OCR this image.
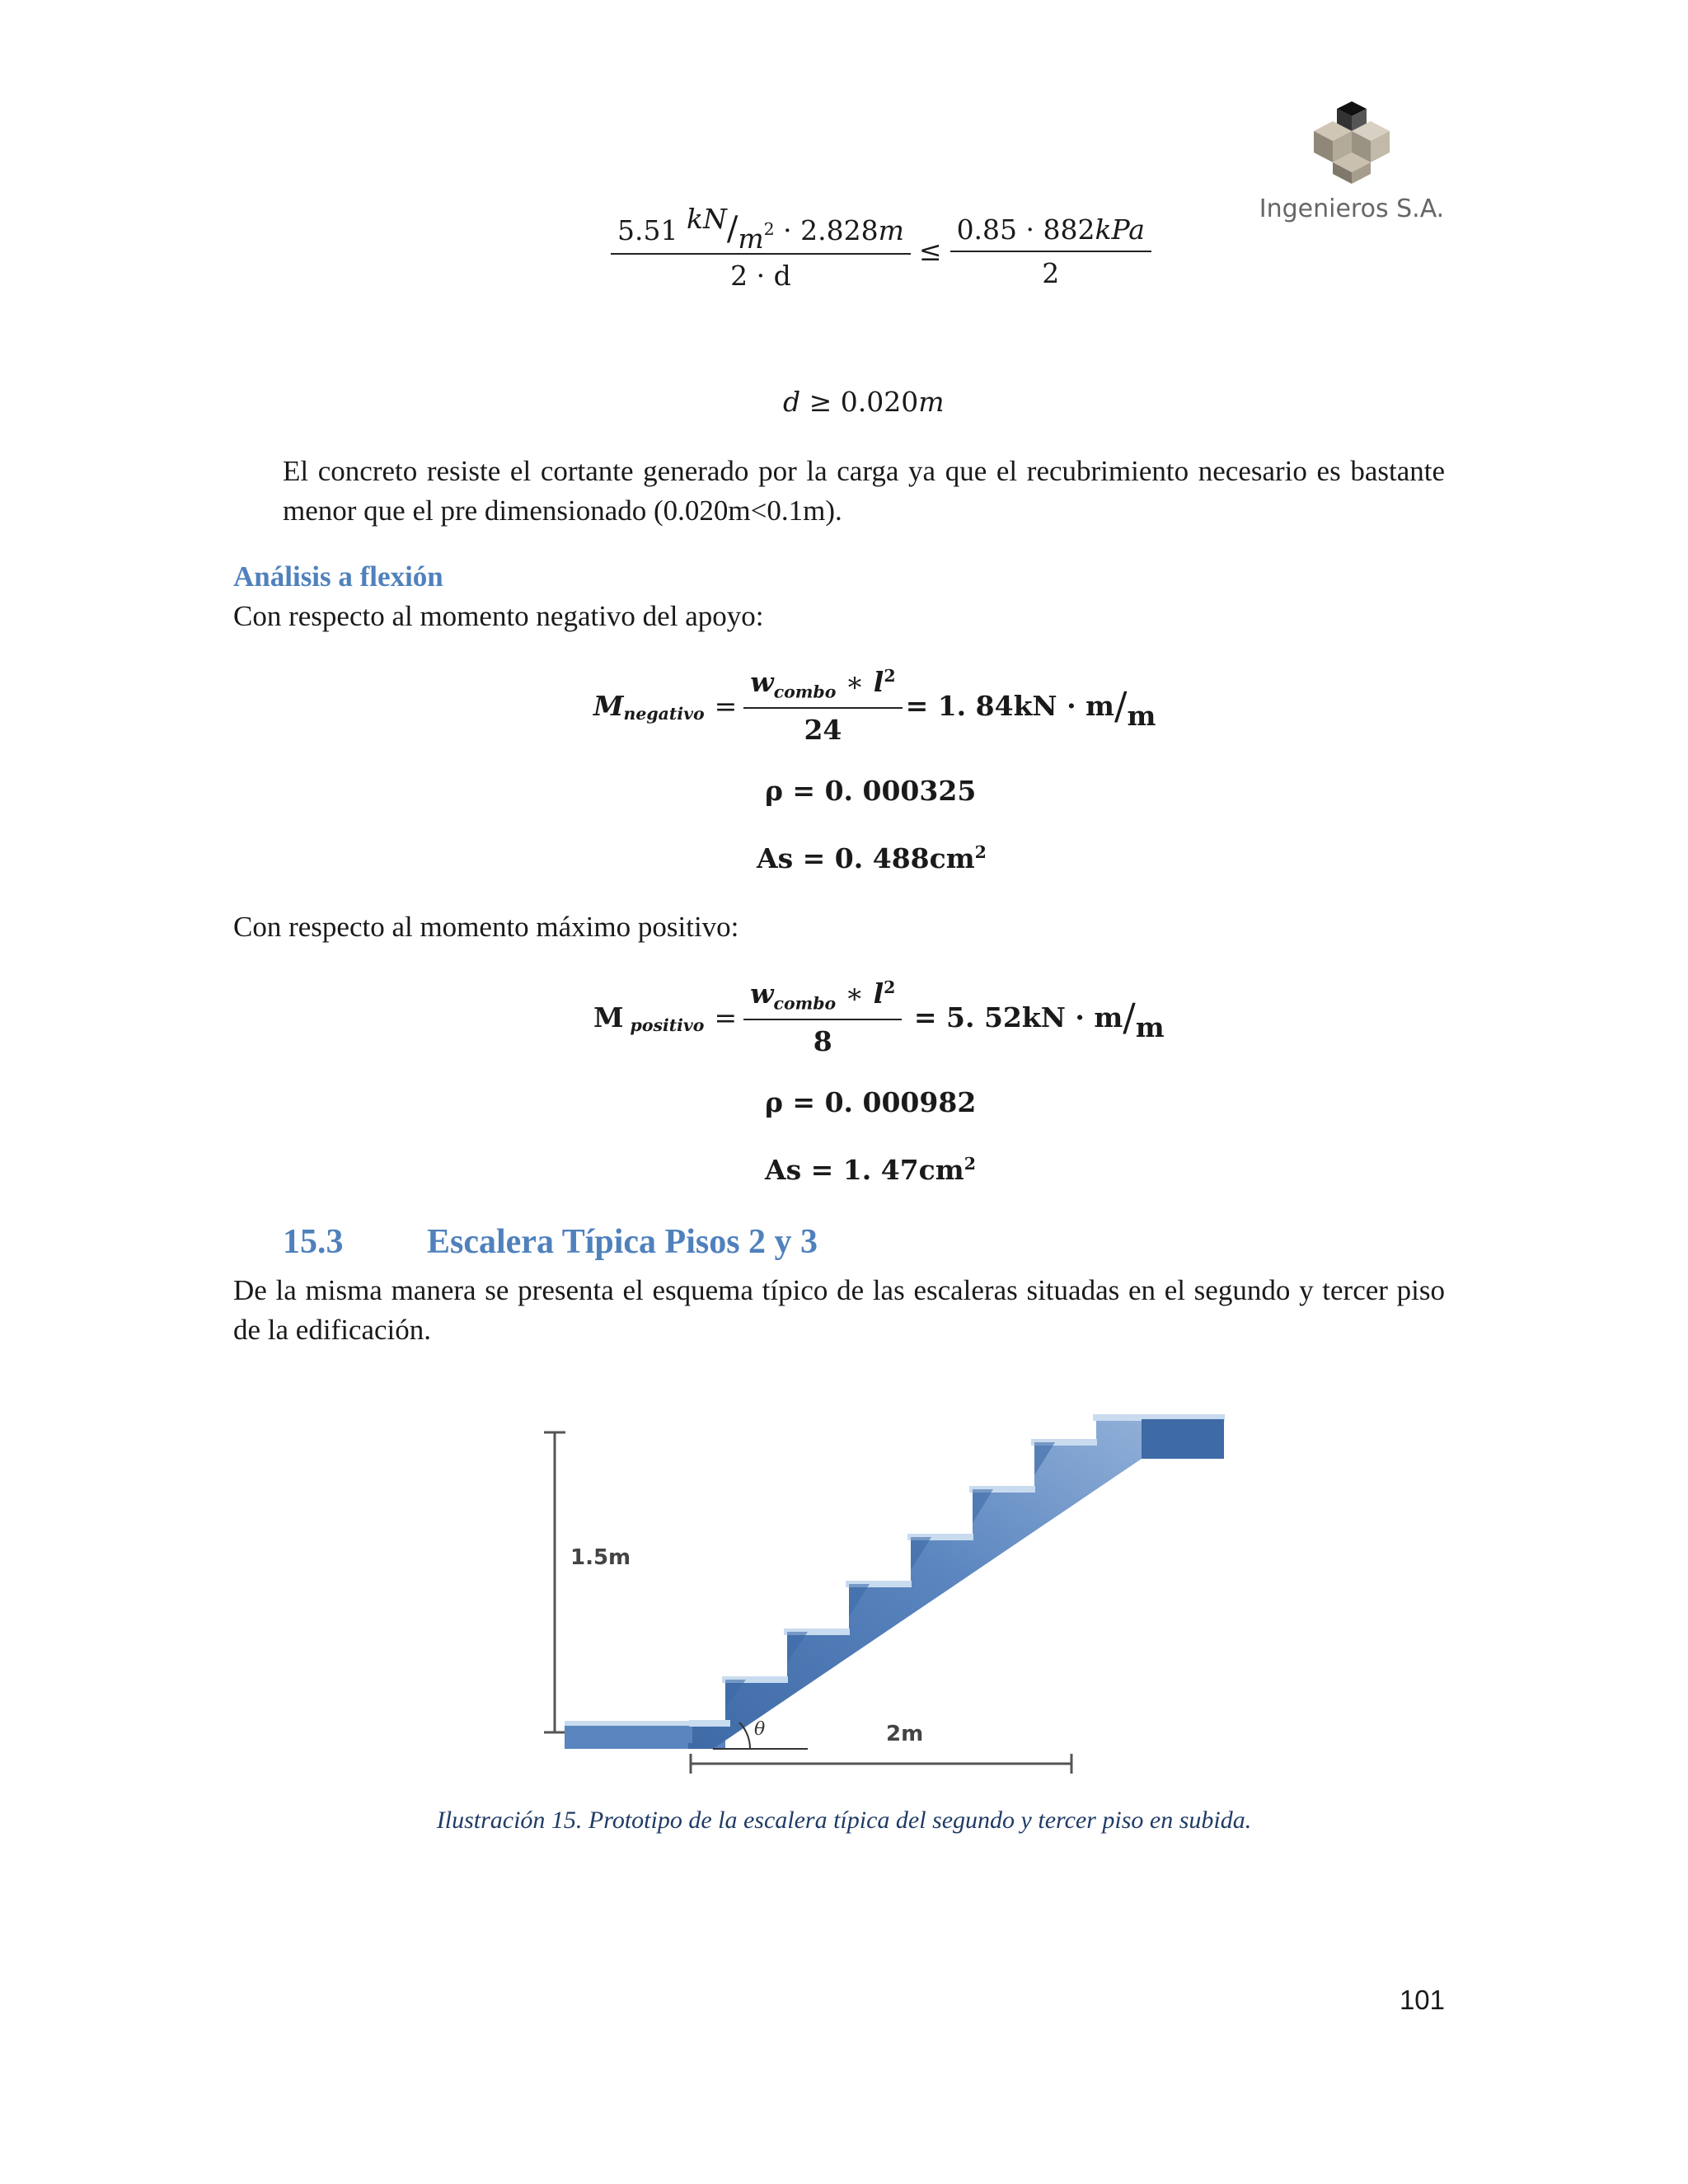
Ingenieros S.A.
$\frac{5.51 kN/m^2 \cdot 2.828m}{2 \cdot d} \le \frac{\text{0.85 · 882kPa}}{2}$
d ≥ 0.020m
El concreto resiste el cortante generado por la carga ya que el recubrimiento necesario es bastante menor que el pre dimensionado (0.020m<0.1m).
Análisis a flexión
Con respecto al momento negativo del apoyo:
$M_{negativo} = \frac{w_{combo} ∗ l^2}{24} = 1$. 84kN · m / m
ρ = 0. 000325
As = 0. $488cm^2$
Con respecto al momento máximo positivo:
M $_{positivo} = \frac{w_{combo} ∗ l^2}{8}$
= 5. 52kN · m / m
ρ = 0. 000982
As = 1. $47cm^2$
15.3 Escalera Típica Pisos 2 y 3
De la misma manera se presenta el esquema típico de las escaleras situadas en el segundo y tercer piso de la edificación.
1.5m
θ	2m
Ilustración 15. Prototipo de la escalera típica del segundo y tercer piso en subida.
101
